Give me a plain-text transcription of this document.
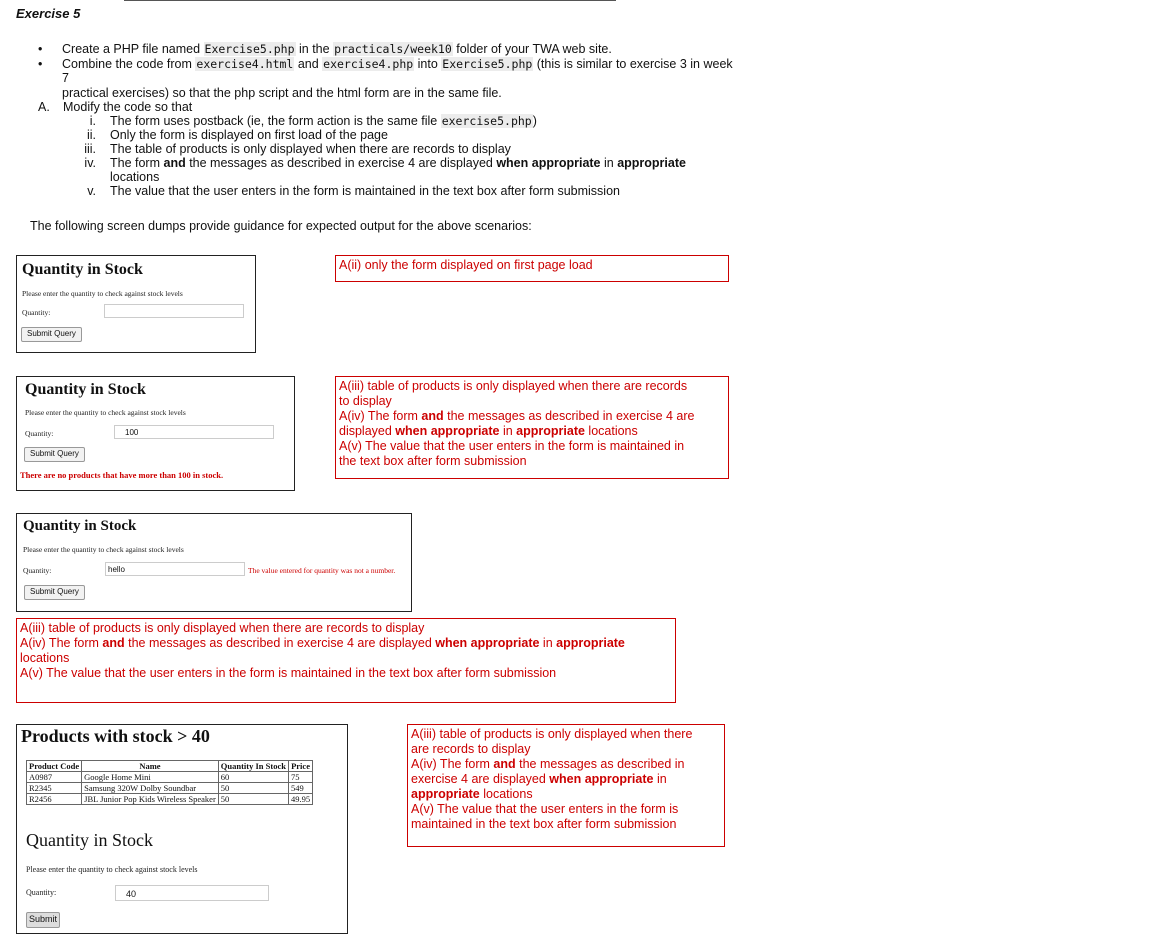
Exercise 5
• Create a PHP file named Exercise5.php in the practicals/week10 folder of your TWA web site.
• Combine the code from exercise4.html and exercise4.php into Exercise5.php (this is similar to exercise 3 in week 7
practical exercises) so that the php script and the html form are in the same file.
A. Modify the code so that
i. The form uses postback (ie, the form action is the same file exercise5.php)
ii. Only the form is displayed on first load of the page
iii. The table of products is only displayed when there are records to display
iv. The form and the messages as described in exercise 4 are displayed when appropriate in appropriate
locations
v. The value that the user enters in the form is maintained in the text box after form submission
The following screen dumps provide guidance for expected output for the above scenarios:
Quantity in Stock
Please enter the quantity to check against stock levels
Quantity:
Submit Query
A(ii) only the form displayed on first page load
Quantity in Stock
Please enter the quantity to check against stock levels
Quantity:	100
Submit Query
There are no products that have more than 100 in stock.
A(iii) table of products is only displayed when there are records
to display
A(iv) The form and the messages as described in exercise 4 are
displayed when appropriate in appropriate locations
A(v) The value that the user enters in the form is maintained in
the text box after form submission
Quantity in Stock
Please enter the quantity to check against stock levels
Quantity:	hello	The value entered for quantity was not a number.
Submit Query
A(iii) table of products is only displayed when there are records to display
A(iv) The form and the messages as described in exercise 4 are displayed when appropriate in appropriate
locations
A(v) The value that the user enters in the form is maintained in the text box after form submission
Products with stock > 40
Product Code	Name	Quantity In Stock	Price
A0987	Google Home Mini	60	75
R2345	Samsung 320W Dolby Soundbar	50	549
R2456	JBL Junior Pop Kids Wireless Speaker	50	49.95
Quantity in Stock
Please enter the quantity to check against stock levels
Quantity:	40
Submit
A(iii) table of products is only displayed when there
are records to display
A(iv) The form and the messages as described in
exercise 4 are displayed when appropriate in
appropriate locations
A(v) The value that the user enters in the form is
maintained in the text box after form submission
